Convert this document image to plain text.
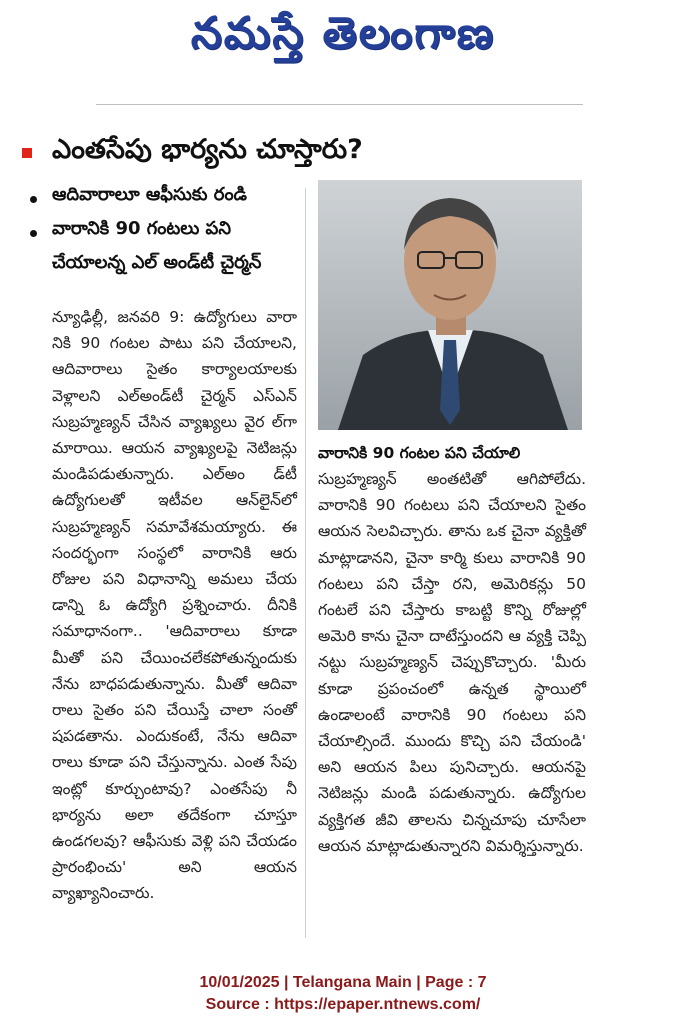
నమస్తే తెలంగాణ
ఎంతసేపు భార్యను చూస్తారు?
ఆదివారాలూ ఆఫీసుకు రండి
వారానికి 90 గంటలు పని చేయాలన్న ఎల్‌ అండ్‌టీ చైర్మన్
వారానికి 90 గంటల పని చేయాలి
న్యూఢిల్లీ, జనవరి 9: ఉద్యోగులు వారా నికి 90 గంటల పాటు పని చేయాలని, ఆదివారాలు సైతం కార్యాలయాలకు వెళ్లాలని ఎల్‌అండ్‌టీ చైర్మన్‌ ఎస్‌ఎన్‌ సుబ్రహ్మణ్యన్‌ చేసిన వ్యాఖ్యలు వైర ల్‌గా మారాయి. ఆయన వ్యాఖ్యలపై నెటిజన్లు మండిపడుతున్నారు. ఎల్‌అం డ్‌టీ ఉద్యోగులతో ఇటీవల ఆన్‌లైన్‌లో సుబ్రహ్మణ్యన్‌ సమావేశమయ్యారు. ఈ సందర్భంగా సంస్థలో వారానికి ఆరు రోజుల పని విధానాన్ని అమలు చేయ డాన్ని ఓ ఉద్యోగి ప్రశ్నించారు. దీనికి సమాధానంగా.. 'ఆదివారాలు కూడా మీతో పని చేయించలేకపోతున్నందుకు నేను బాధపడుతున్నాను. మీతో ఆదివా రాలు సైతం పని చేయిస్తే చాలా సంతో షపడతాను. ఎందుకంటే, నేను ఆదివా రాలు కూడా పని చేస్తున్నాను. ఎంత సేపు ఇంట్లో కూర్చుంటావు? ఎంతసేపు నీ భార్యను అలా తదేకంగా చూస్తూ ఉండగలవు? ఆఫీసుకు వెళ్లి పని చేయడం ప్రారంభించు' అని ఆయన వ్యాఖ్యానించారు.
సుబ్రహ్మణ్యన్‌ అంతటితో ఆగిపోలేదు. వారానికి 90 గంటలు పని చేయాలని సైతం ఆయన సెలవిచ్చారు. తాను ఒక చైనా వ్యక్తితో మాట్లాడానని, చైనా కార్మి కులు వారానికి 90 గంటలు పని చేస్తా రని, అమెరికన్లు 50 గంటలే పని చేస్తారు కాబట్టి కొన్ని రోజుల్లో అమెరి కాను చైనా దాటేస్తుందని ఆ వ్యక్తి చెప్పి నట్టు సుబ్రహ్మణ్యన్‌ చెప్పుకొచ్చారు. 'మీరు కూడా ప్రపంచంలో ఉన్నత స్థాయిలో ఉండాలంటే వారానికి 90 గంటలు పని చేయాల్సిందే. ముందు కొచ్చి పని చేయండి' అని ఆయన పిలు పునిచ్చారు. ఆయనపై నెటిజన్లు మండి పడుతున్నారు. ఉద్యోగుల వ్యక్తిగత జీవి తాలను చిన్నచూపు చూసేలా ఆయన మాట్లాడుతున్నారని విమర్శిస్తున్నారు.
10/01/2025 | Telangana Main | Page : 7
Source : https://epaper.ntnews.com/
